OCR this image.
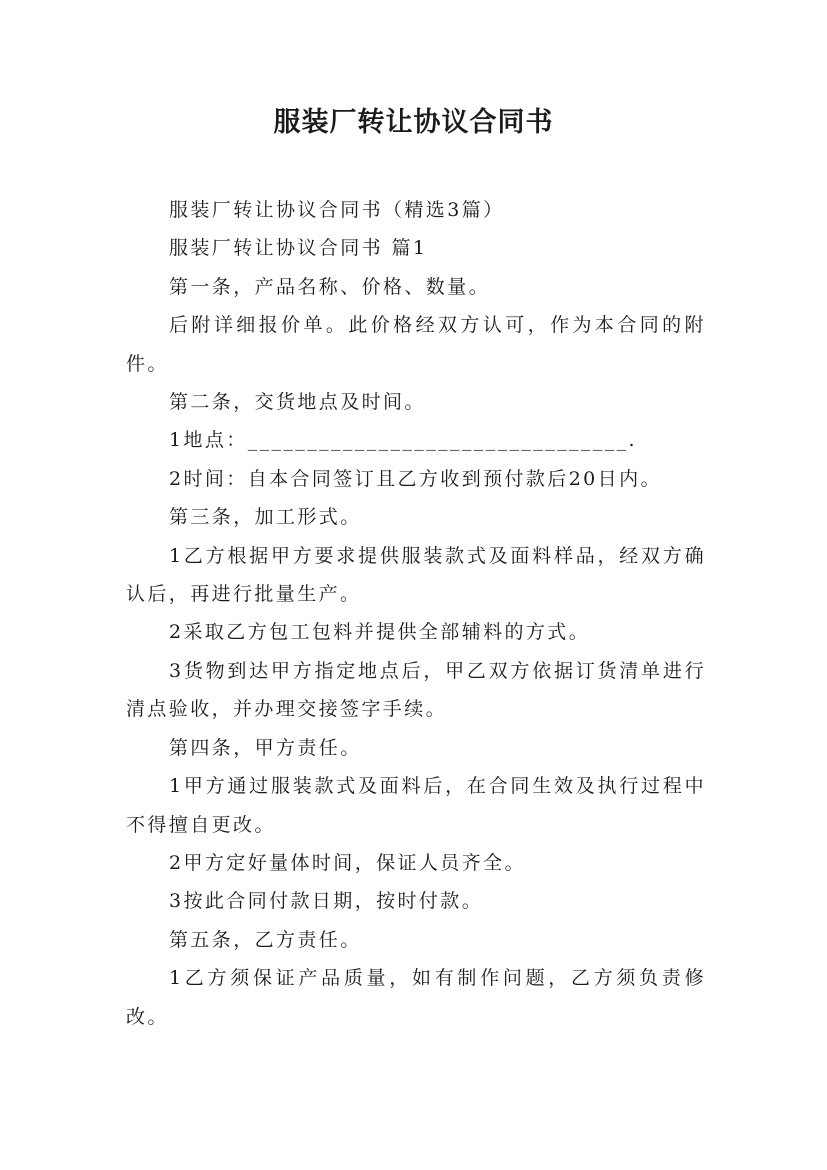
服装厂转让协议合同书

服装厂转让协议合同书（精选3篇）

服装厂转让协议合同书 篇1

第一条，产品名称、价格、数量。

后附详细报价单。此价格经双方认可，作为本合同的附件。

第二条，交货地点及时间。

1地点：________________________________.

2时间：自本合同签订且乙方收到预付款后20日内。

第三条，加工形式。

1乙方根据甲方要求提供服装款式及面料样品，经双方确认后，再进行批量生产。

2采取乙方包工包料并提供全部辅料的方式。

3货物到达甲方指定地点后，甲乙双方依据订货清单进行清点验收，并办理交接签字手续。

第四条，甲方责任。

1甲方通过服装款式及面料后，在合同生效及执行过程中不得擅自更改。

2甲方定好量体时间，保证人员齐全。

3按此合同付款日期，按时付款。

第五条，乙方责任。

1乙方须保证产品质量，如有制作问题，乙方须负责修改。
